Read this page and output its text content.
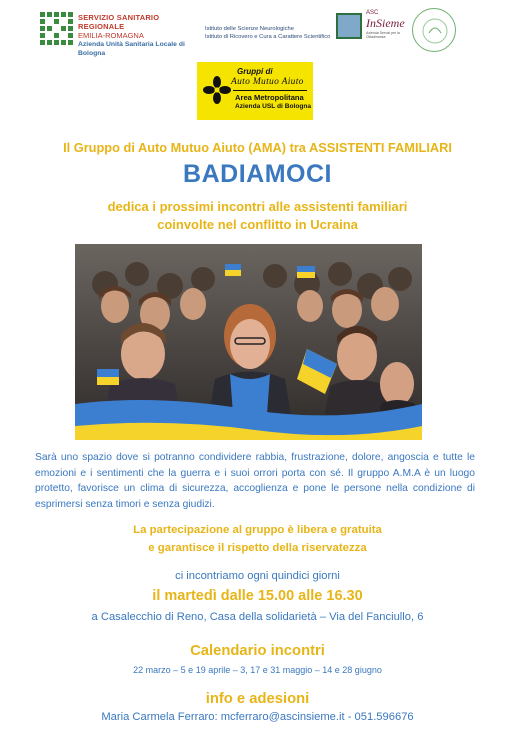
SERVIZIO SANITARIO REGIONALE
EMILIA-ROMAGNA
Azienda Unità Sanitaria Locale di Bologna
Istituto delle Scienze Neurologiche
Istituto di Ricovero e Cura a Carattere Scientifico
ASC
InSieme
Azienda Servizi per la Cittadinanza
Gruppi di
Auto Mutuo Aiuto
Area Metropolitana
Azienda USL di Bologna
Il Gruppo di Auto Mutuo Aiuto (AMA) tra ASSISTENTI FAMILIARI
BADIAMOCI
dedica i prossimi incontri alle assistenti familiari
coinvolte nel conflitto in Ucraina
Sarà uno spazio dove si potranno condividere rabbia, frustrazione, dolore, angoscia e tutte le emozioni e i sentimenti che la guerra e i suoi orrori porta con sé. Il gruppo A.M.A è un luogo protetto, favorisce un clima di sicurezza, accoglienza e pone le persone nella condizione di esprimersi senza timori e senza giudizi.
La partecipazione al gruppo è libera e gratuita
e garantisce il rispetto della riservatezza
ci incontriamo ogni quindici giorni
il martedì dalle 15.00 alle 16.30
a Casalecchio di Reno, Casa della solidarietà – Via del Fanciullo, 6
Calendario incontri
22 marzo – 5 e 19 aprile – 3, 17 e 31 maggio – 14 e 28 giugno
info e adesioni
Maria Carmela Ferraro: mcferraro@ascinsieme.it - 051.596676
